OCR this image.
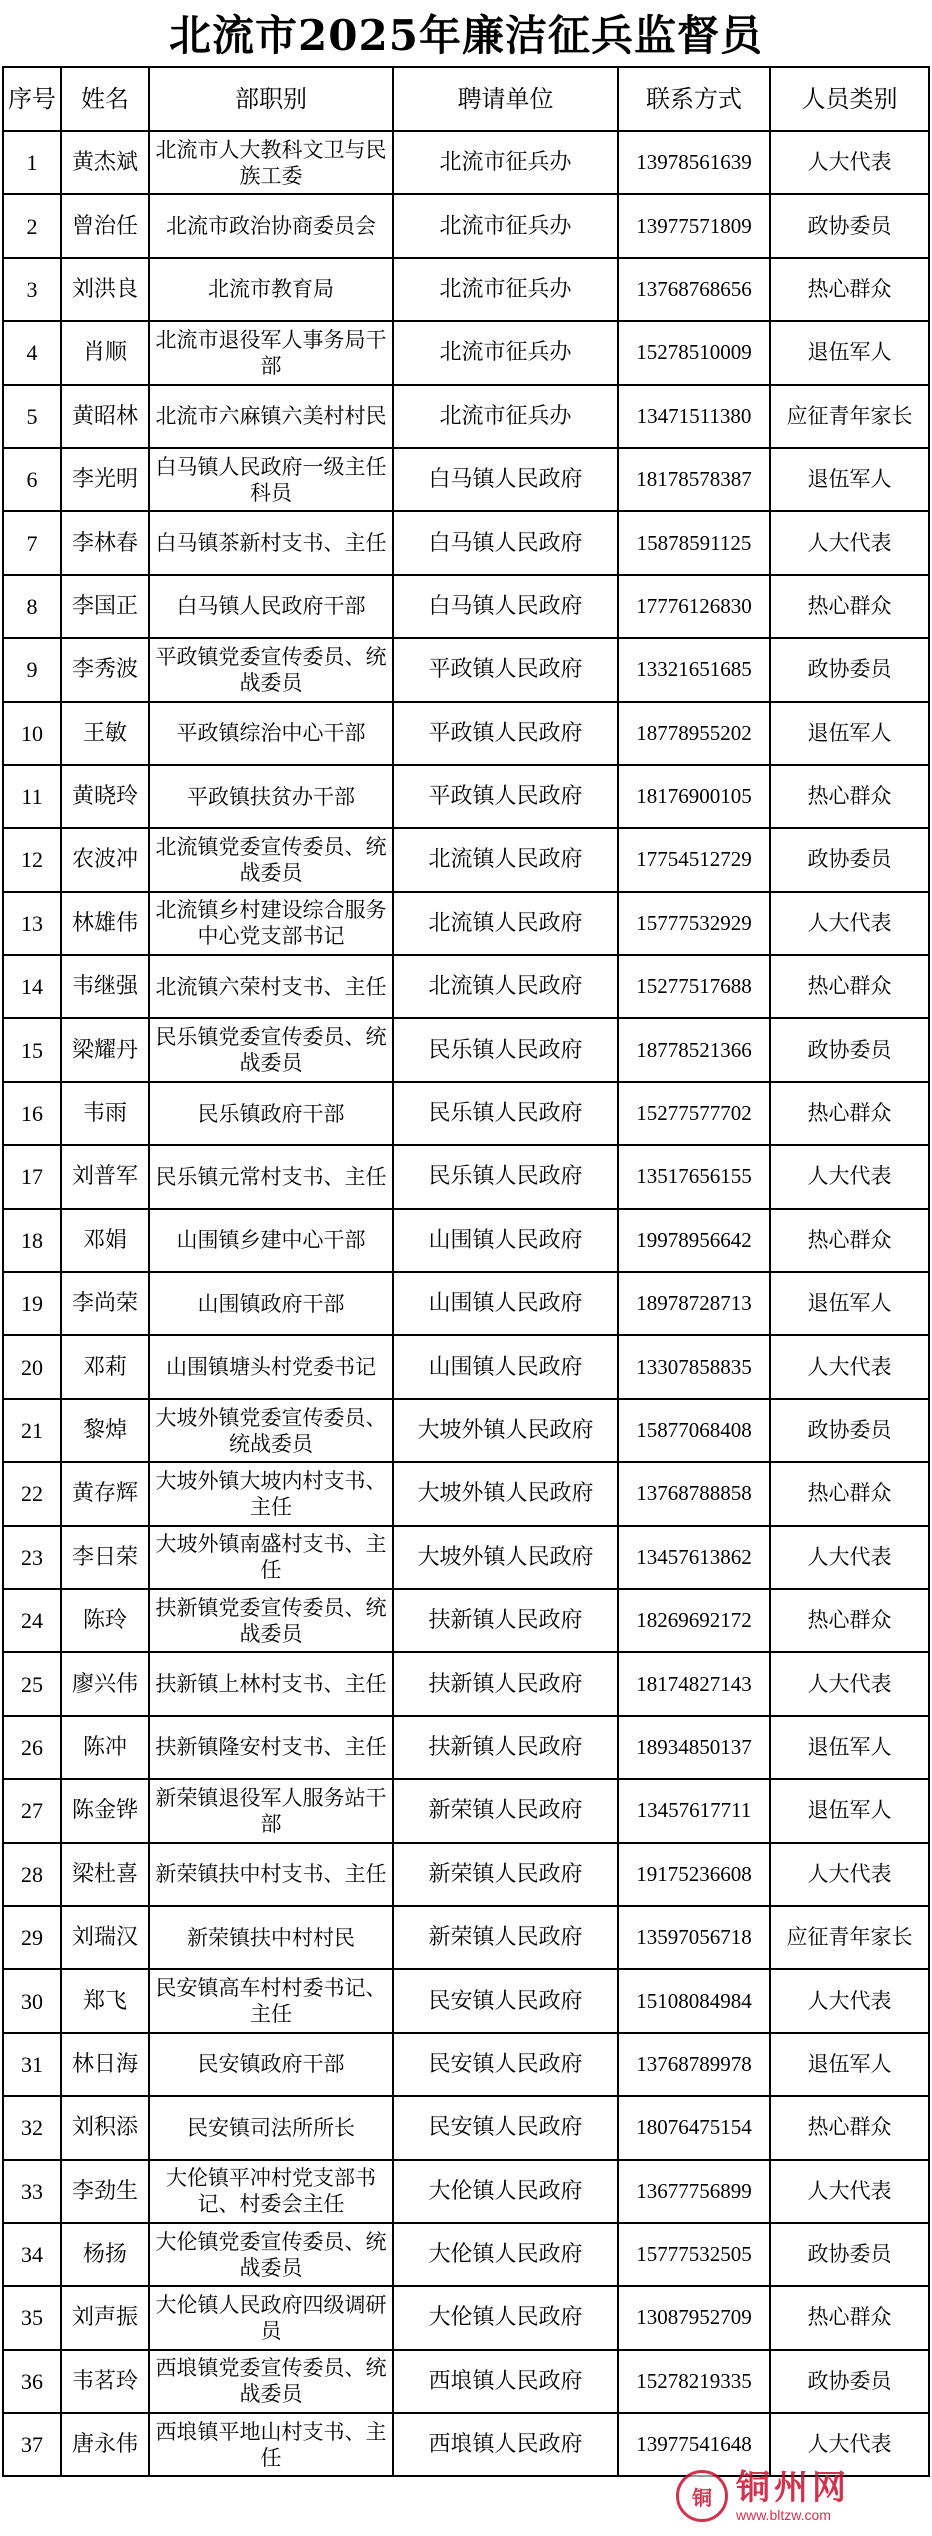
北流市2025年廉洁征兵监督员
序号	姓名	部职别	聘请单位	联系方式	人员类别
1	黄杰斌	北流市人大教科文卫与民族工委	北流市征兵办	13978561639	人大代表
2	曾治任	北流市政治协商委员会	北流市征兵办	13977571809	政协委员
3	刘洪良	北流市教育局	北流市征兵办	13768768656	热心群众
4	肖顺	北流市退役军人事务局干部	北流市征兵办	15278510009	退伍军人
5	黄昭林	北流市六麻镇六美村村民	北流市征兵办	13471511380	应征青年家长
6	李光明	白马镇人民政府一级主任科员	白马镇人民政府	18178578387	退伍军人
7	李林春	白马镇茶新村支书、主任	白马镇人民政府	15878591125	人大代表
8	李国正	白马镇人民政府干部	白马镇人民政府	17776126830	热心群众
9	李秀波	平政镇党委宣传委员、统战委员	平政镇人民政府	13321651685	政协委员
10	王敏	平政镇综治中心干部	平政镇人民政府	18778955202	退伍军人
11	黄晓玲	平政镇扶贫办干部	平政镇人民政府	18176900105	热心群众
12	农波冲	北流镇党委宣传委员、统战委员	北流镇人民政府	17754512729	政协委员
13	林雄伟	北流镇乡村建设综合服务中心党支部书记	北流镇人民政府	15777532929	人大代表
14	韦继强	北流镇六荣村支书、主任	北流镇人民政府	15277517688	热心群众
15	梁耀丹	民乐镇党委宣传委员、统战委员	民乐镇人民政府	18778521366	政协委员
16	韦雨	民乐镇政府干部	民乐镇人民政府	15277577702	热心群众
17	刘普军	民乐镇元常村支书、主任	民乐镇人民政府	13517656155	人大代表
18	邓娟	山围镇乡建中心干部	山围镇人民政府	19978956642	热心群众
19	李尚荣	山围镇政府干部	山围镇人民政府	18978728713	退伍军人
20	邓莉	山围镇塘头村党委书记	山围镇人民政府	13307858835	人大代表
21	黎焯	大坡外镇党委宣传委员、统战委员	大坡外镇人民政府	15877068408	政协委员
22	黄存辉	大坡外镇大坡内村支书、主任	大坡外镇人民政府	13768788858	热心群众
23	李日荣	大坡外镇南盛村支书、主任	大坡外镇人民政府	13457613862	人大代表
24	陈玲	扶新镇党委宣传委员、统战委员	扶新镇人民政府	18269692172	热心群众
25	廖兴伟	扶新镇上林村支书、主任	扶新镇人民政府	18174827143	人大代表
26	陈冲	扶新镇隆安村支书、主任	扶新镇人民政府	18934850137	退伍军人
27	陈金铧	新荣镇退役军人服务站干部	新荣镇人民政府	13457617711	退伍军人
28	梁杜喜	新荣镇扶中村支书、主任	新荣镇人民政府	19175236608	人大代表
29	刘瑞汉	新荣镇扶中村村民	新荣镇人民政府	13597056718	应征青年家长
30	郑飞	民安镇高车村村委书记、主任	民安镇人民政府	15108084984	人大代表
31	林日海	民安镇政府干部	民安镇人民政府	13768789978	退伍军人
32	刘积添	民安镇司法所所长	民安镇人民政府	18076475154	热心群众
33	李劲生	大伦镇平冲村党支部书记、村委会主任	大伦镇人民政府	13677756899	人大代表
34	杨扬	大伦镇党委宣传委员、统战委员	大伦镇人民政府	15777532505	政协委员
35	刘声振	大伦镇人民政府四级调研员	大伦镇人民政府	13087952709	热心群众
36	韦茗玲	西埌镇党委宣传委员、统战委员	西埌镇人民政府	15278219335	政协委员
37	唐永伟	西埌镇平地山村支书、主任	西埌镇人民政府	13977541648	人大代表
铜 铜州网
www.bltzw.com
